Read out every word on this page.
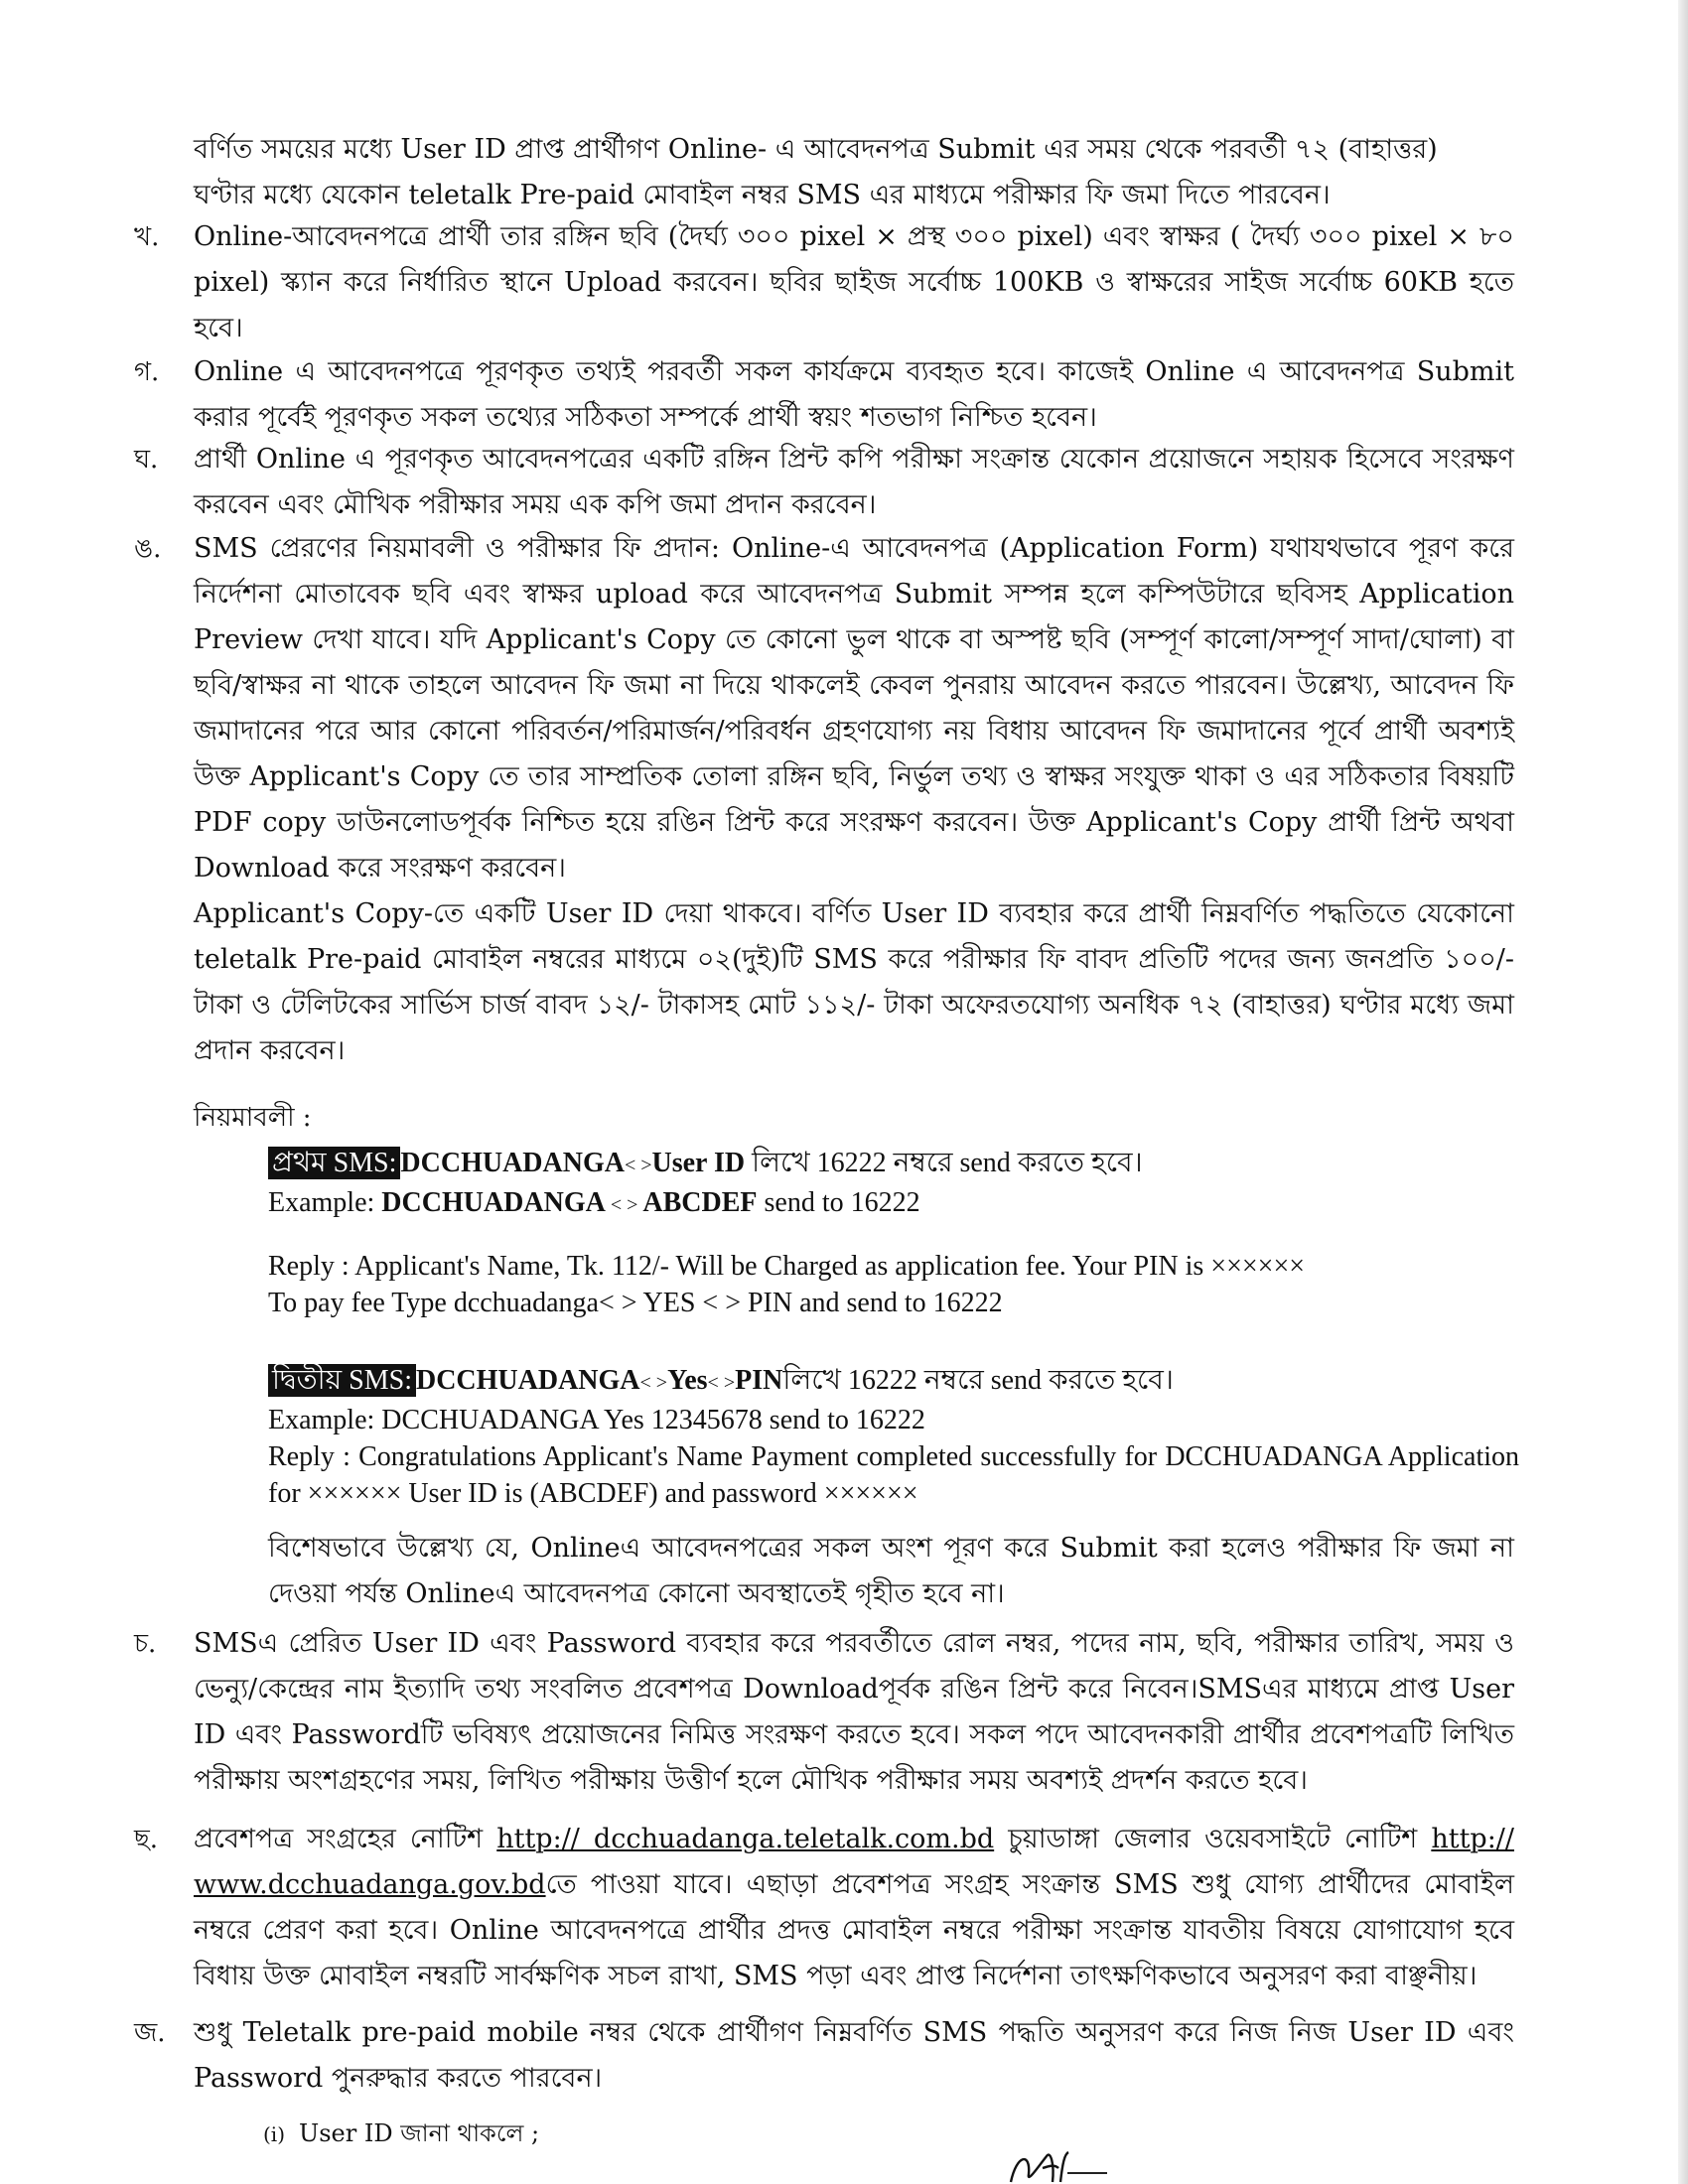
বর্ণিত সময়ের মধ্যে User ID প্রাপ্ত প্রার্থীগণ Online- এ আবেদনপত্র Submit এর সময় থেকে পরবর্তী ৭২ (বাহাত্তর)

ঘণ্টার মধ্যে যেকোন teletalk Pre-paid মোবাইল নম্বর SMS এর মাধ্যমে পরীক্ষার ফি জমা দিতে পারবেন।

খ.	Online-আবেদনপত্রে প্রার্থী তার রঙ্গিন ছবি (দৈর্ঘ্য ৩০০ pixel × প্রস্থ ৩০০ pixel) এবং স্বাক্ষর ( দৈর্ঘ্য ৩০০ pixel × ৮০ pixel) স্ক্যান করে নির্ধারিত স্থানে Upload করবেন। ছবির ছাইজ সর্বোচ্চ 100KB ও স্বাক্ষরের সাইজ সর্বোচ্চ 60KB হতে হবে।

গ.	Online এ আবেদনপত্রে পূরণকৃত তথ্যই পরবর্তী সকল কার্যক্রমে ব্যবহৃত হবে। কাজেই Online এ আবেদনপত্র Submit করার পূর্বেই পূরণকৃত সকল তথ্যের সঠিকতা সম্পর্কে প্রার্থী স্বয়ং শতভাগ নিশ্চিত হবেন।

ঘ.	প্রার্থী Online এ পূরণকৃত আবেদনপত্রের একটি রঙ্গিন প্রিন্ট কপি পরীক্ষা সংক্রান্ত যেকোন প্রয়োজনে সহায়ক হিসেবে সংরক্ষণ করবেন এবং মৌখিক পরীক্ষার সময় এক কপি জমা প্রদান করবেন।

ঙ.	SMS প্রেরণের নিয়মাবলী ও পরীক্ষার ফি প্রদান: Online-এ আবেদনপত্র (Application Form) যথাযথভাবে পূরণ করে নির্দেশনা মোতাবেক ছবি এবং স্বাক্ষর upload করে আবেদনপত্র Submit সম্পন্ন হলে কম্পিউটারে ছবিসহ Application Preview দেখা যাবে। যদি Applicant's Copy তে কোনো ভুল থাকে বা অস্পষ্ট ছবি (সম্পূর্ণ কালো/সম্পূর্ণ সাদা/ঘোলা) বা ছবি/স্বাক্ষর না থাকে তাহলে আবেদন ফি জমা না দিয়ে থাকলেই কেবল পুনরায় আবেদন করতে পারবেন। উল্লেখ্য, আবেদন ফি জমাদানের পরে আর কোনো পরিবর্তন/পরিমার্জন/পরিবর্ধন গ্রহণযোগ্য নয় বিধায় আবেদন ফি জমাদানের পূর্বে প্রার্থী অবশ্যই উক্ত Applicant's Copy তে তার সাম্প্রতিক তোলা রঙ্গিন ছবি, নির্ভুল তথ্য ও স্বাক্ষর সংযুক্ত থাকা ও এর সঠিকতার বিষয়টি PDF copy ডাউনলোডপূর্বক নিশ্চিত হয়ে রঙিন প্রিন্ট করে সংরক্ষণ করবেন। উক্ত Applicant's Copy প্রার্থী প্রিন্ট অথবা Download করে সংরক্ষণ করবেন।

Applicant's Copy-তে একটি User ID দেয়া থাকবে। বর্ণিত User ID ব্যবহার করে প্রার্থী নিম্নবর্ণিত পদ্ধতিতে যেকোনো teletalk Pre-paid মোবাইল নম্বরের মাধ্যমে ০২(দুই)টি SMS করে পরীক্ষার ফি বাবদ প্রতিটি পদের জন্য জনপ্রতি ১০০/- টাকা ও টেলিটকের সার্ভিস চার্জ বাবদ ১২/- টাকাসহ মোট ১১২/- টাকা অফেরতযোগ্য অনধিক ৭২ (বাহাত্তর) ঘণ্টার মধ্যে জমা প্রদান করবেন।

নিয়মাবলী :
প্রথম SMS: DCCHUADANGA< >User ID লিখে 16222 নম্বরে send করতে হবে।
Example: DCCHUADANGA < > ABCDEF send to 16222
Reply : Applicant's Name, Tk. 112/- Will be Charged as application fee. Your PIN is ××××××
To pay fee Type dcchuadanga< > YES < > PIN and send to 16222
দ্বিতীয় SMS: DCCHUADANGA< >Yes< >PINলিখে 16222 নম্বরে send করতে হবে।
Example: DCCHUADANGA Yes 12345678 send to 16222
Reply : Congratulations Applicant's Name Payment completed successfully for DCCHUADANGA Application for ×××××× User ID is (ABCDEF) and password ××××××
বিশেষভাবে উল্লেখ্য যে, Onlineএ আবেদনপত্রের সকল অংশ পূরণ করে Submit করা হলেও পরীক্ষার ফি জমা না দেওয়া পর্যন্ত Onlineএ আবেদনপত্র কোনো অবস্থাতেই গৃহীত হবে না।
চ.	SMSএ প্রেরিত User ID এবং Password ব্যবহার করে পরবর্তীতে রোল নম্বর, পদের নাম, ছবি, পরীক্ষার তারিখ, সময় ও ভেন্যু/কেন্দ্রের নাম ইত্যাদি তথ্য সংবলিত প্রবেশপত্র Downloadপূর্বক রঙিন প্রিন্ট করে নিবেন।SMSএর মাধ্যমে প্রাপ্ত User ID এবং Passwordটি ভবিষ্যৎ প্রয়োজনের নিমিত্ত সংরক্ষণ করতে হবে। সকল পদে আবেদনকারী প্রার্থীর প্রবেশপত্রটি লিখিত পরীক্ষায় অংশগ্রহণের সময়, লিখিত পরীক্ষায় উত্তীর্ণ হলে মৌখিক পরীক্ষার সময় অবশ্যই প্রদর্শন করতে হবে।

ছ.	প্রবেশপত্র সংগ্রহের নোটিশ http:// dcchuadanga.teletalk.com.bd চুয়াডাঙ্গা জেলার ওয়েবসাইটে নোটিশ http:// www.dcchuadanga.gov.bdতে পাওয়া যাবে। এছাড়া প্রবেশপত্র সংগ্রহ সংক্রান্ত SMS শুধু যোগ্য প্রার্থীদের মোবাইল নম্বরে প্রেরণ করা হবে। Online আবেদনপত্রে প্রার্থীর প্রদত্ত মোবাইল নম্বরে পরীক্ষা সংক্রান্ত যাবতীয় বিষয়ে যোগাযোগ হবে বিধায় উক্ত মোবাইল নম্বরটি সার্বক্ষণিক সচল রাখা, SMS পড়া এবং প্রাপ্ত নির্দেশনা তাৎক্ষণিকভাবে অনুসরণ করা বাঞ্ছনীয়।

জ.	শুধু Teletalk pre-paid mobile নম্বর থেকে প্রার্থীগণ নিম্নবর্ণিত SMS পদ্ধতি অনুসরণ করে নিজ নিজ User ID এবং Password পুনরুদ্ধার করতে পারবেন।

(i) User ID জানা থাকলে ;
